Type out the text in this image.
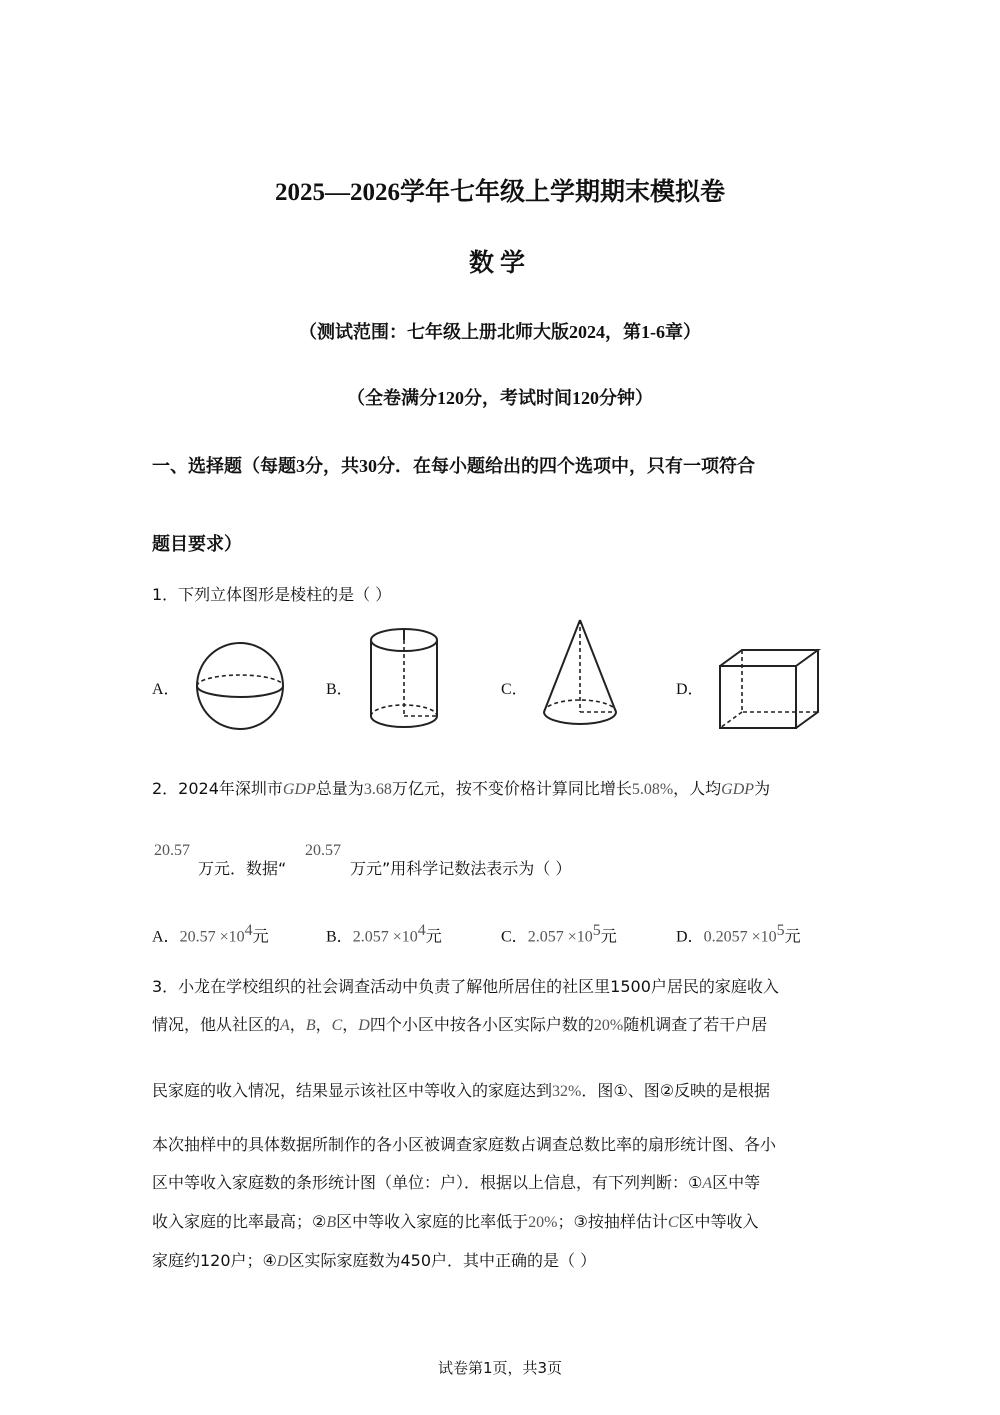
2025—2026学年七年级上学期期末模拟卷
数学
（测试范围：七年级上册北师大版2024，第1-6章）
（全卷满分120分，考试时间120分钟）
一、选择题（每题3分，共30分．在每小题给出的四个选项中，只有一项符合
题目要求）
1．下列立体图形是棱柱的是（ ）
A．	B．	C．	D．
2．2024年深圳市GDP总量为3.68万亿元，按不变价格计算同比增长5.08%，人均GDP为
20.57
万元．数据“
20.57
万元”用科学记数法表示为（ ）
A．$20.57 \times 10^4$元	B．$2.057 \times 10^4$元	C．$2.057 \times 10^5$元	D．$0.2057 \times 10^5$元
3．小龙在学校组织的社会调查活动中负责了解他所居住的社区里1500户居民的家庭收入
情况，他从社区的A，B，C，D四个小区中按各小区实际户数的20%随机调查了若干户居
民家庭的收入情况，结果显示该社区中等收入的家庭达到32%．图①、图②反映的是根据
本次抽样中的具体数据所制作的各小区被调查家庭数占调查总数比率的扇形统计图、各小
区中等收入家庭数的条形统计图（单位：户）．根据以上信息，有下列判断：①A区中等
收入家庭的比率最高；②B区中等收入家庭的比率低于20%；③按抽样估计C区中等收入
家庭约120户；④D区实际家庭数为450户．其中正确的是（ ）
试卷第1页，共3页
